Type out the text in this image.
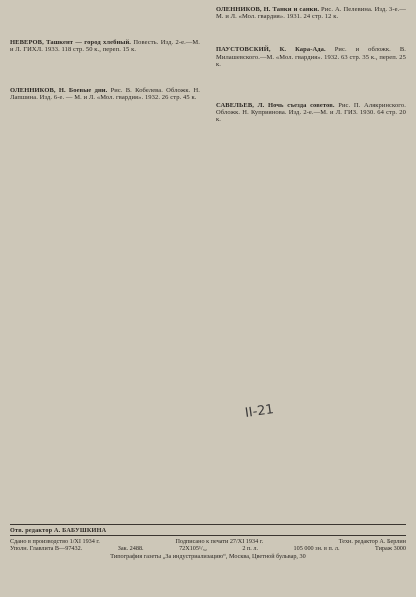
НЕВЕРОВ, Ташкент — город хлебный. Повесть. Изд. 2-е.—М. и Л. ГИХЛ. 1933. 118 стр. 50 к., переп. 15 к.

ОЛЕННИКОВ, Н. Боевые дни. Рис. В. Кобелева. Обложк. Н. Лапшина. Изд. 6-е. — М. и Л. «Мол. гвардия». 1932. 26 стр. 45 к.

ОЛЕННИКОВ, Н. Танки и санки. Рис. А. Пелевина. Изд. 3-е.—М. и Л. «Мол. гвардия». 1931. 24 стр. 12 к.

ПАУСТОВСКИЙ, К. Кара-Ада. Рис. и обложк. В. Милашевского.—М. «Мол. гвардия». 1932. 63 стр. 35 к., переп. 25 к.

САВЕЛЬЕВ, Л. Ночь съезда советов. Рис. П. Алякринского. Обложк. Н. Куприянова. Изд. 2-е.—М. и Л. ГИЗ. 1930. 64 стр. 20 к.

II-21
Отв. редактор А. БАБУШКИНА
Сдано в производство 1/XI 1934 г.	Подписано к печати 27/XI 1934 г.	Техн. редактор А. Берлин
Уполн. Главлита В—97432.	Зак. 2488.	72X105¹/₃₂	2 п. л.	105 000 зн. в п. л.	Тираж 3000
Типография газеты „За индустриализацию“, Москва, Цветной бульвар, 30
